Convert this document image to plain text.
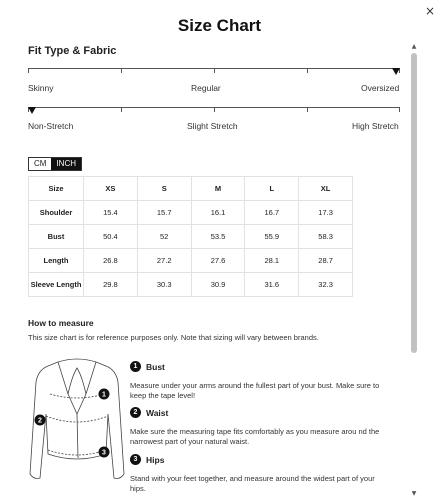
×
Size Chart
Fit Type & Fabric
Skinny	Regular	Oversized
Non-Stretch	Slight Stretch	High Stretch
CM	INCH
Size	XS	S	M	L	XL
Shoulder	15.4	15.7	16.1	16.7	17.3
Bust	50.4	52	53.5	55.9	58.3
Length	26.8	27.2	27.6	28.1	28.7
Sleeve Length	29.8	30.3	30.9	31.6	32.3
How to measure
This size chart is for reference purposes only. Note that sizing will vary between brands.
1
2
3
1 Bust
Measure under your arms around the fullest part of your bust. Make sure to keep the tape level!
2 Waist
Make sure the measuring tape fits comfortably as you measure arou nd the narrowest part of your natural waist.
3 Hips
Stand with your feet together, and measure around the widest part of your hips.
▲
▼
